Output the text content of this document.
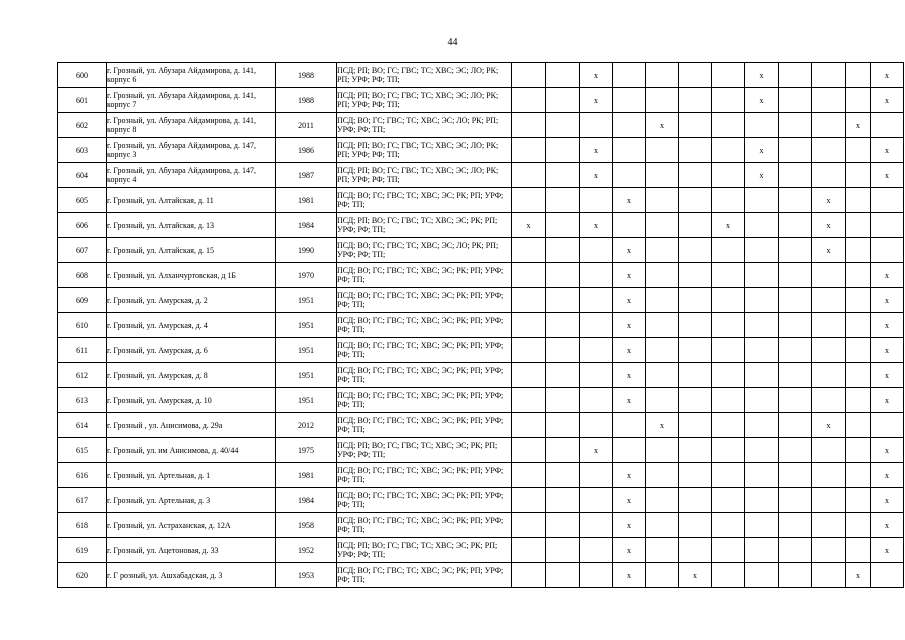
44
600	г. Грозный, ул. Абузара Айдамирова, д. 141, корпус 6	1988	ПСД; РП; ВО; ГС; ГВС; ТС; ХВС; ЭС; ЛО; РК; РП; УРФ; РФ; ТП;			x					x				x
601	г. Грозный, ул. Абузара Айдамирова, д. 141, корпус 7	1988	ПСД; РП; ВО; ГС; ГВС; ТС; ХВС; ЭС; ЛО; РК; РП; УРФ; РФ; ТП;			x					x				x
602	г. Грозный, ул. Абузара Айдамирова, д. 141, корпус 8	2011	ПСД; ВО; ГС; ГВС; ТС; ХВС; ЭС; ЛО; РК; РП; УРФ; РФ; ТП;					x						x	
603	г. Грозный, ул. Абузара Айдамирова, д. 147, корпус 3	1986	ПСД; РП; ВО; ГС; ГВС; ТС; ХВС; ЭС; ЛО; РК; РП; УРФ; РФ; ТП;			x					x				x
604	г. Грозный, ул. Абузара Айдамирова, д. 147, корпус 4	1987	ПСД; РП; ВО; ГС; ГВС; ТС; ХВС; ЭС; ЛО; РК; РП; УРФ; РФ; ТП;			x					x				x
605	г. Грозный, ул. Алтайская, д. 11	1981	ПСД; ВО; ГС; ГВС; ТС; ХВС; ЭС; РК; РП; УРФ; РФ; ТП;				x						x		
606	г. Грозный, ул. Алтайская, д. 13	1984	ПСД; РП; ВО; ГС; ГВС; ТС; ХВС; ЭС; РК; РП; УРФ; РФ; ТП;	x		x				x			x		
607	г. Грозный, ул. Алтайская, д. 15	1990	ПСД; ВО; ГС; ГВС; ТС; ХВС; ЭС; ЛО; РК; РП; УРФ; РФ; ТП;				x						x		
608	г. Грозный, ул. Алханчуртовская, д 1Б	1970	ПСД; ВО; ГС; ГВС; ТС; ХВС; ЭС; РК; РП; УРФ; РФ; ТП;				x								x
609	г. Грозный, ул. Амурская, д. 2	1951	ПСД; ВО; ГС; ГВС; ТС; ХВС; ЭС; РК; РП; УРФ; РФ; ТП;				x								x
610	г. Грозный, ул. Амурская, д. 4	1951	ПСД; ВО; ГС; ГВС; ТС; ХВС; ЭС; РК; РП; УРФ; РФ; ТП;				x								x
611	г. Грозный, ул. Амурская, д. 6	1951	ПСД; ВО; ГС; ГВС; ТС; ХВС; ЭС; РК; РП; УРФ; РФ; ТП;				x								x
612	г. Грозный, ул. Амурская, д. 8	1951	ПСД; ВО; ГС; ГВС; ТС; ХВС; ЭС; РК; РП; УРФ; РФ; ТП;				x								x
613	г. Грозный, ул. Амурская, д. 10	1951	ПСД; ВО; ГС; ГВС; ТС; ХВС; ЭС; РК; РП; УРФ; РФ; ТП;				x								x
614	г. Грозный , ул. Анисимова, д. 29а	2012	ПСД; ВО; ГС; ГВС; ТС; ХВС; ЭС; РК; РП; УРФ; РФ; ТП;					x					x		
615	г. Грозный, ул. им Анисимова, д. 40/44	1975	ПСД; РП; ВО; ГС; ГВС; ТС; ХВС; ЭС; РК; РП; УРФ; РФ; ТП;			x									x
616	г. Грозный, ул. Артельная, д. 1	1981	ПСД; ВО; ГС; ГВС; ТС; ХВС; ЭС; РК; РП; УРФ; РФ; ТП;				x								x
617	г. Грозный, ул. Артельная, д. 3	1984	ПСД; ВО; ГС; ГВС; ТС; ХВС; ЭС; РК; РП; УРФ; РФ; ТП;				x								x
618	г. Грозный, ул. Астраханская, д. 12А	1958	ПСД; ВО; ГС; ГВС; ТС; ХВС; ЭС; РК; РП; УРФ; РФ; ТП;				x								x
619	г. Грозный, ул. Ацетоновая, д. 33	1952	ПСД; РП; ВО; ГС; ГВС; ТС; ХВС; ЭС; РК; РП; УРФ; РФ; ТП;				x								x
620	г. Г розный, ул. Ашхабадская, д. 3	1953	ПСД; ВО; ГС; ГВС; ТС; ХВС; ЭС; РК; РП; УРФ; РФ; ТП;				x		x					x	
